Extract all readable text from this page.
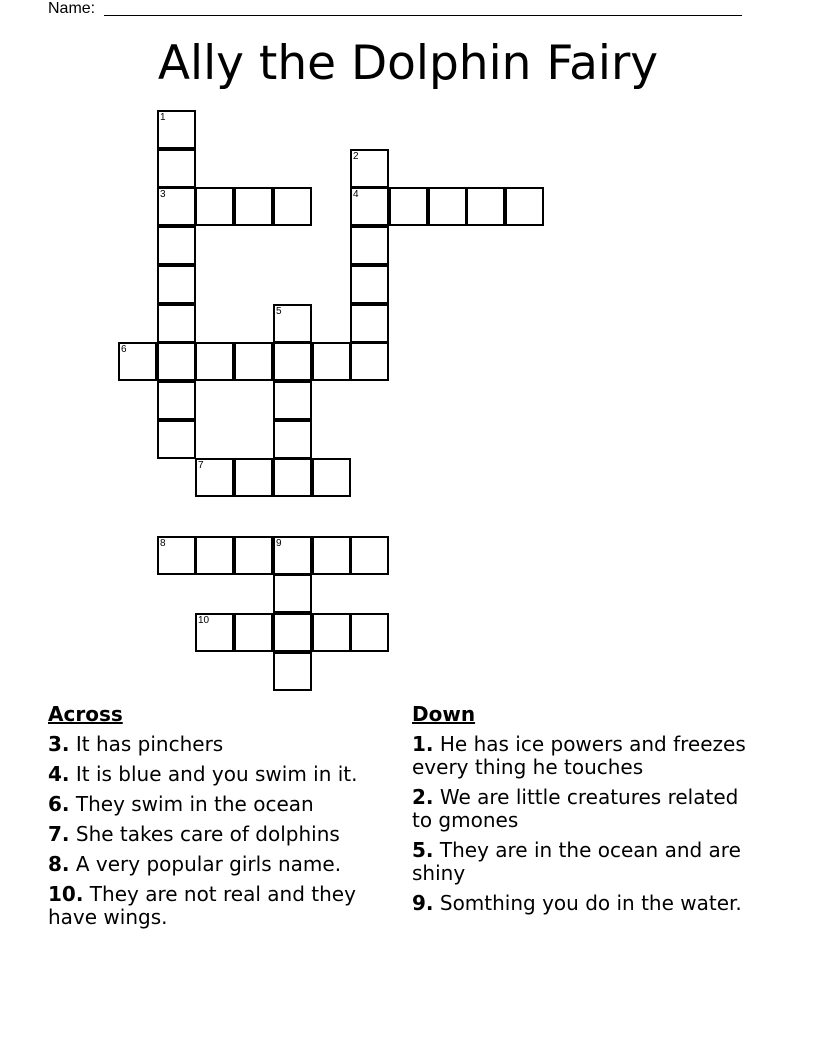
Name:
Ally the Dolphin Fairy
1
2
3	4
5
6
7
8	9
10
Across
3. It has pinchers
4. It is blue and you swim in it.
6. They swim in the ocean
7. She takes care of dolphins
8. A very popular girls name.
10. They are not real and they have wings.
Down
1. He has ice powers and freezes every thing he touches
2. We are little creatures related to gmones
5. They are in the ocean and are shiny
9. Somthing you do in the water.
